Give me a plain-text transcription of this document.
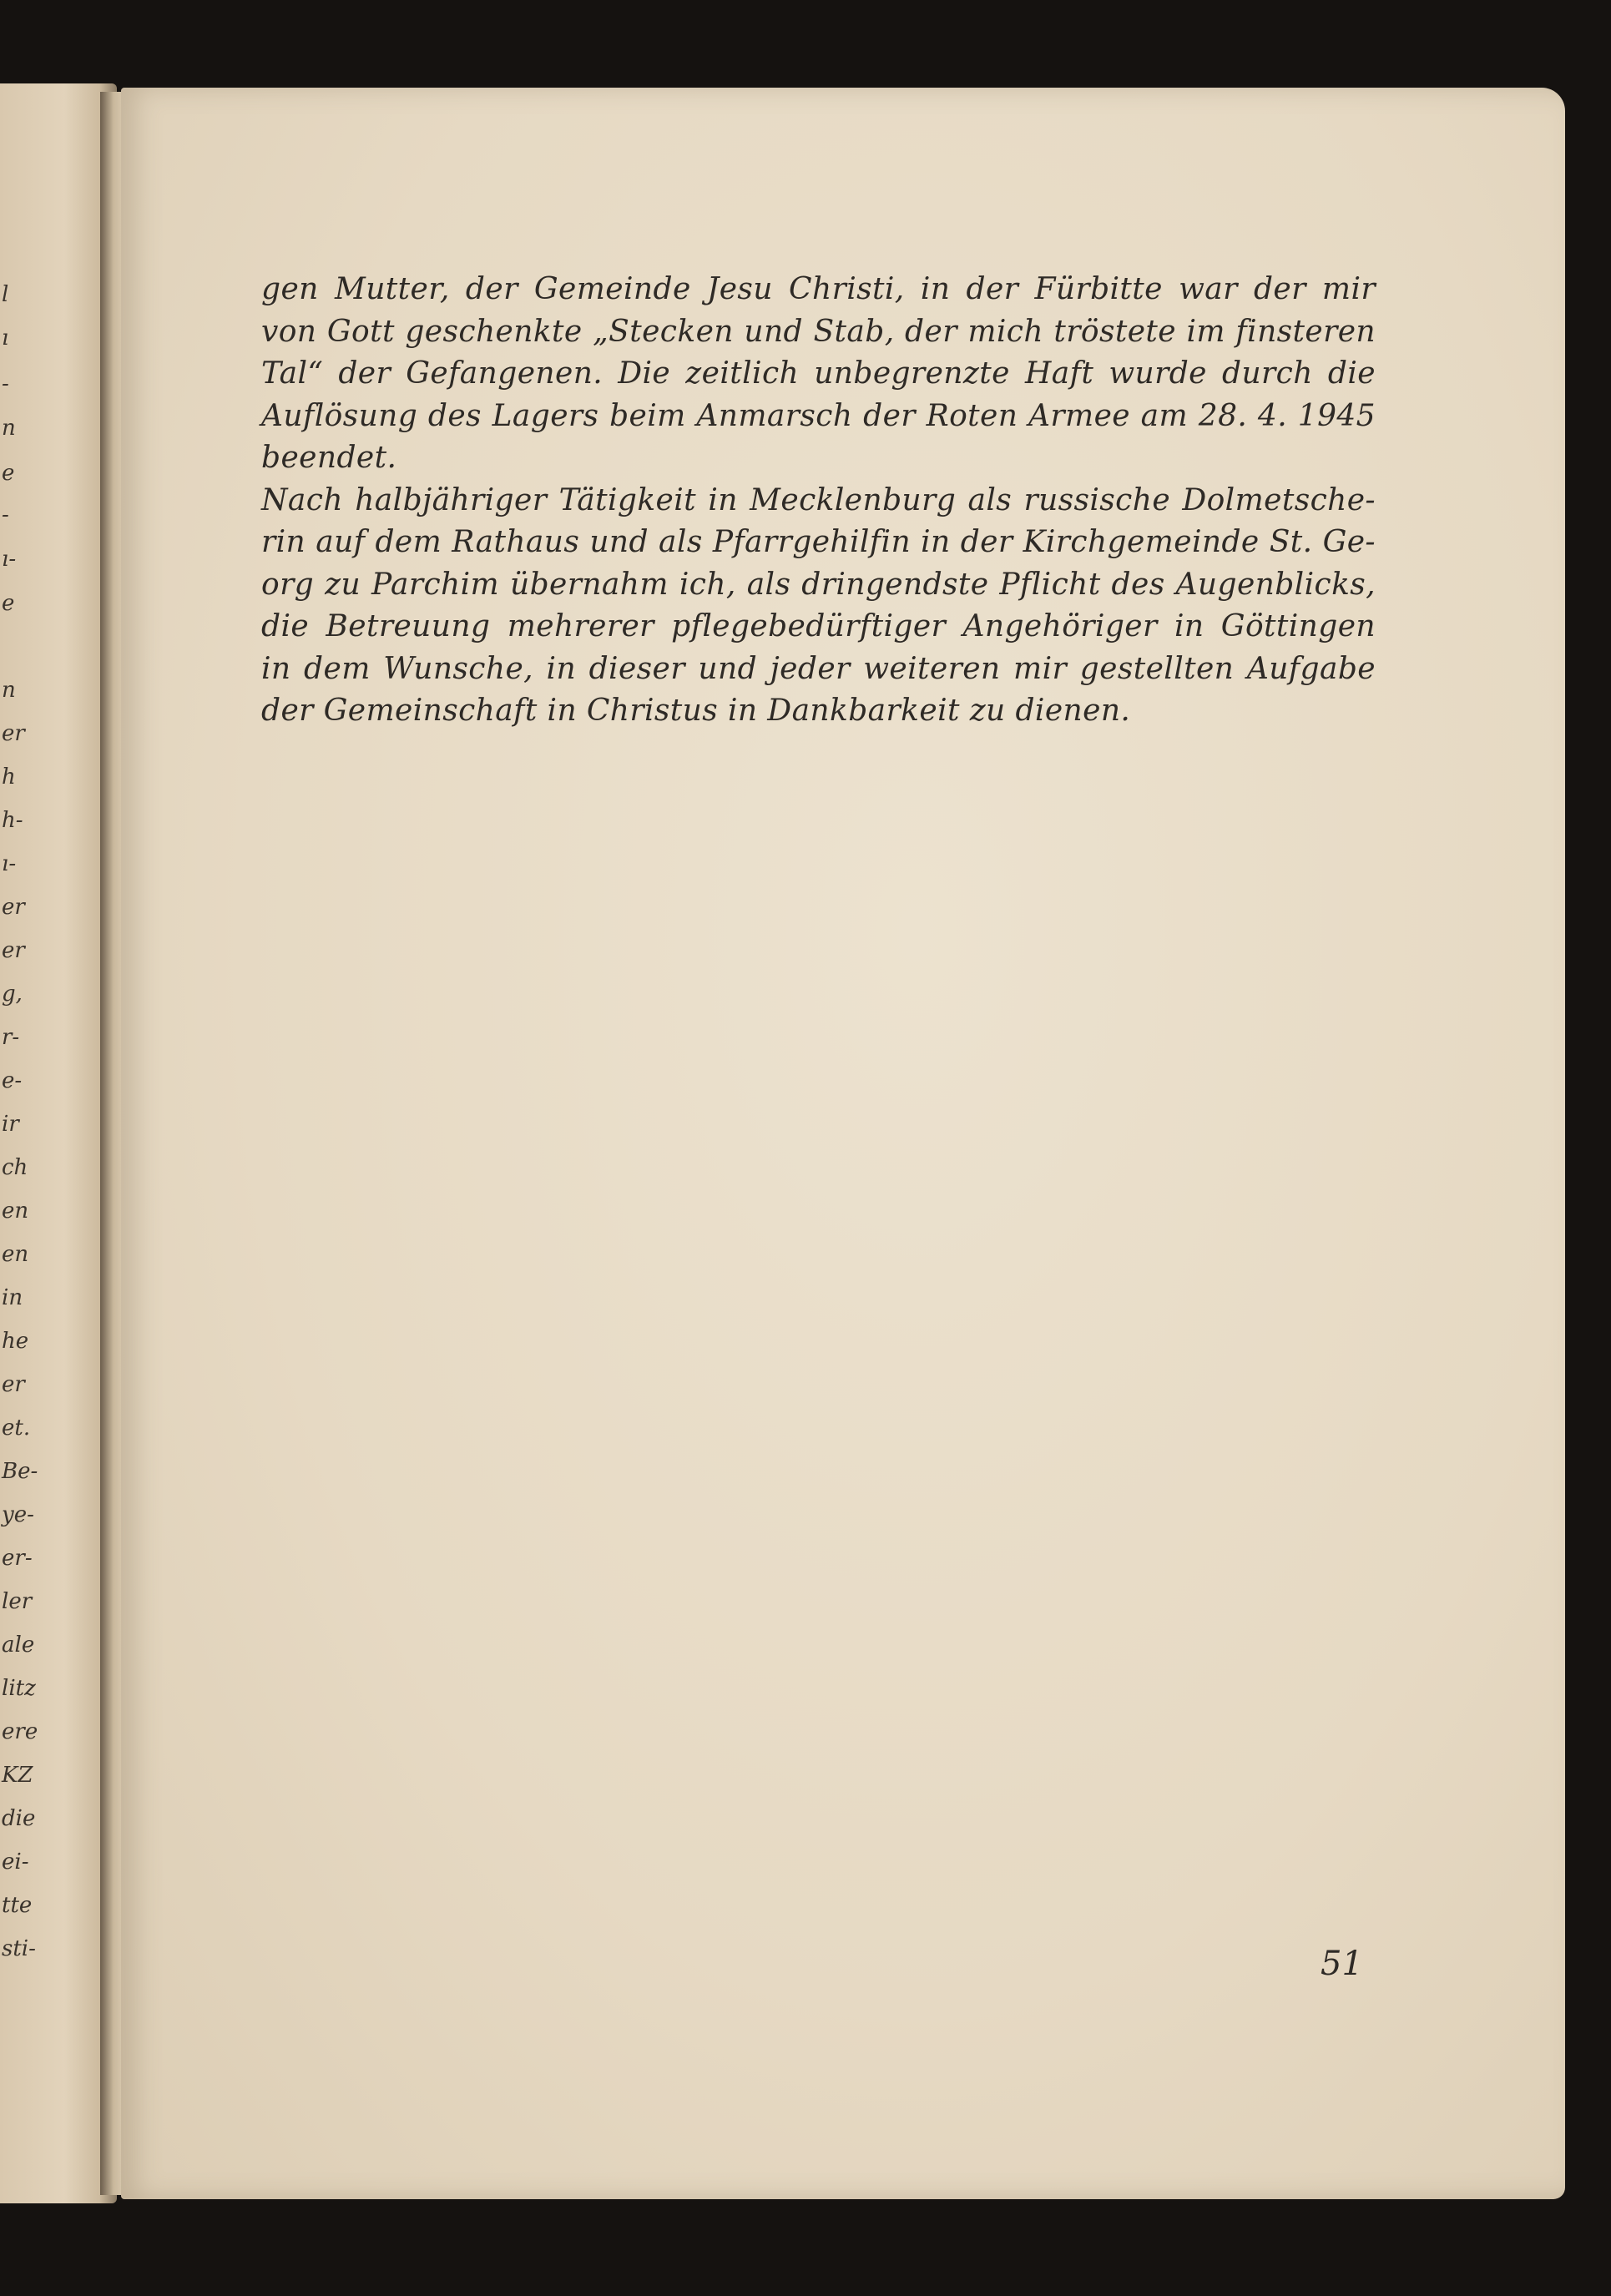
l
ı
-
n
e
-
ı-
e
n
er
h
h-
ı-
er
er
g,
r-
e-
ir
ch
en
en
in
he
er
et.
Be-
ye-
er-
ler
ale
litz
ere
KZ
die
ei-
tte
sti-
gen Mutter, der Gemeinde Jesu Christi, in der Fürbitte war der mir
von Gott geschenkte „Stecken und Stab, der mich tröstete im finsteren
Tal“ der Gefangenen. Die zeitlich unbegrenzte Haft wurde durch die
Auflösung des Lagers beim Anmarsch der Roten Armee am 28. 4. 1945
beendet.
Nach halbjähriger Tätigkeit in Mecklenburg als russische Dolmetsche-
rin auf dem Rathaus und als Pfarrgehilfin in der Kirchgemeinde St. Ge-
org zu Parchim übernahm ich, als dringendste Pflicht des Augenblicks,
die Betreuung mehrerer pflegebedürftiger Angehöriger in Göttingen
in dem Wunsche, in dieser und jeder weiteren mir gestellten Aufgabe
der Gemeinschaft in Christus in Dankbarkeit zu dienen.
51
